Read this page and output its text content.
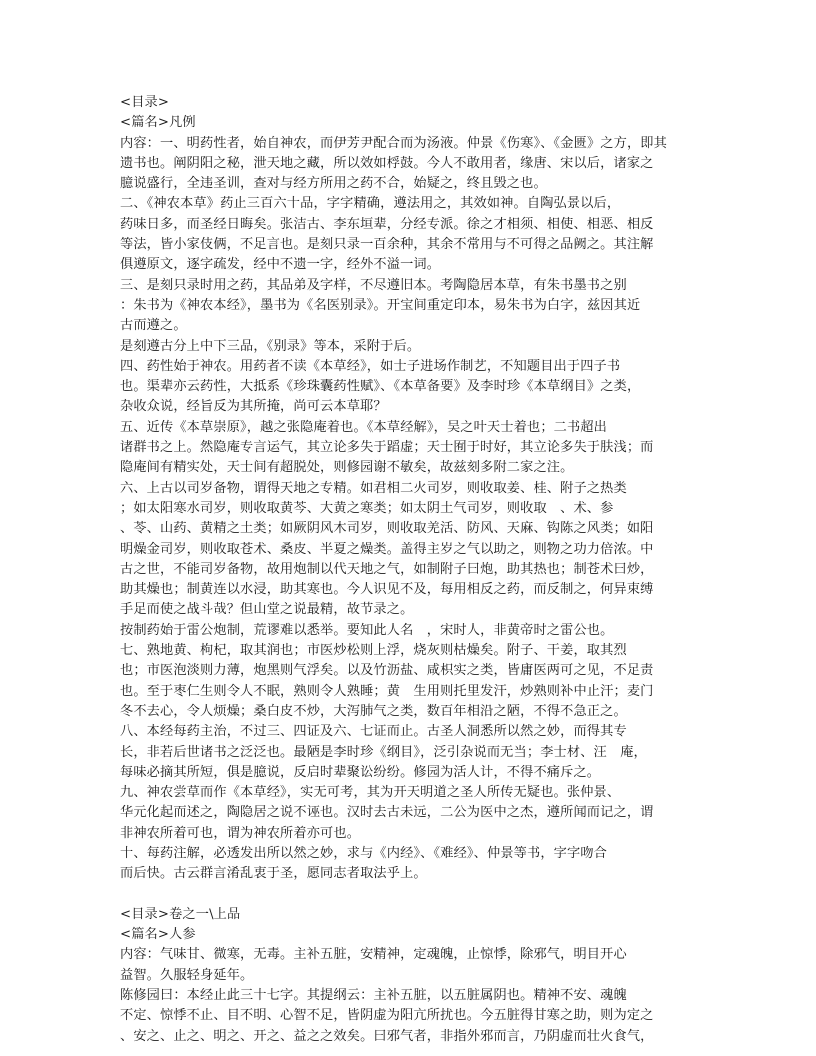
<目录>
<篇名>凡例
内容：一、明药性者，始自神农，而伊芳尹配合而为汤液。仲景《伤寒》、《金匮》之方，即其
遗书也。阐阴阳之秘，泄天地之藏，所以效如桴鼓。今人不敢用者，缘唐、宋以后，诸家之
臆说盛行，全违圣训，查对与经方所用之药不合，始疑之，终且毁之也。
二、《神农本草》药止三百六十品，字字精确，遵法用之，其效如神。自陶弘景以后，
药味日多，而圣经日晦矣。张洁古、李东垣辈，分经专派。徐之才相须、相使、相恶、相反
等法，皆小家伎俩，不足言也。是刻只录一百余种，其余不常用与不可得之品阙之。其注解
俱遵原文，逐字疏发，经中不遗一字，经外不溢一词。
三、是刻只录时用之药，其品弟及字样，不尽遵旧本。考陶隐居本草，有朱书墨书之别
：朱书为《神农本经》，墨书为《名医别录》。开宝间重定印本，易朱书为白字，兹因其近
古而遵之。
是刻遵古分上中下三品，《别录》等本，采附于后。
四、药性始于神农。用药者不读《本草经》，如士子进场作制艺，不知题目出于四子书
也。渠辈亦云药性，大抵系《珍珠囊药性赋》、《本草备要》及李时珍《本草纲目》之类，
杂收众说，经旨反为其所掩，尚可云本草耶？
五、近传《本草崇原》，越之张隐庵着也。《本草经解》，吴之叶天士着也；二书超出
诸群书之上。然隐庵专言运气，其立论多失于蹈虚；天士囿于时好，其立论多失于肤浅；而
隐庵间有精实处，天士间有超脱处，则修园谢不敏矣，故兹刻多附二家之注。
六、上古以司岁备物，谓得天地之专精。如君相二火司岁，则收取姜、桂、附子之热类
；如太阳寒水司岁，则收取黄芩、大黄之寒类；如太阴土气司岁，则收取　、术、参
、苓、山药、黄精之土类；如厥阴风木司岁，则收取羌活、防风、天麻、钩陈之风类；如阳
明燥金司岁，则收取苍术、桑皮、半夏之燥类。盖得主岁之气以助之，则物之功力倍浓。中
古之世，不能司岁备物，故用炮制以代天地之气，如制附子曰炮，助其热也；制苍术曰炒，
助其燥也；制黄连以水浸，助其寒也。今人识见不及，每用相反之药，而反制之，何异束缚
手足而使之战斗哉？但山堂之说最精，故节录之。
按制药始于雷公炮制，荒谬难以悉举。要知此人名　，宋时人，非黄帝时之雷公也。
七、熟地黄、枸杞，取其润也；市医炒松则上浮，烧灰则枯燥矣。附子、干姜，取其烈
也；市医泡淡则力薄，炮黑则气浮矣。以及竹沥盐、咸枳实之类，皆庸医两可之见，不足责
也。至于枣仁生则令人不眠，熟则令人熟睡；黄　生用则托里发汗，炒熟则补中止汗；麦门
冬不去心，令人烦燥；桑白皮不炒，大泻肺气之类，数百年相沿之陋，不得不急正之。
八、本经每药主治，不过三、四证及六、七证而止。古圣人洞悉所以然之妙，而得其专
长，非若后世诸书之泛泛也。最陋是李时珍《纲目》，泛引杂说而无当；李士材、汪　庵，
每味必摘其所短，俱是臆说，反启时辈聚讼纷纷。修园为活人计，不得不痛斥之。
九、神农尝草而作《本草经》，实无可考，其为开天明道之圣人所传无疑也。张仲景、
华元化起而述之，陶隐居之说不诬也。汉时去古未远，二公为医中之杰，遵所闻而记之，谓
非神农所着可也，谓为神农所着亦可也。
十、每药注解，必透发出所以然之妙，求与《内经》、《难经》、仲景等书，字字吻合
而后快。古云群言淆乱衷于圣，愿同志者取法乎上。
<目录>卷之一\上品
<篇名>人参
内容：气味甘、微寒，无毒。主补五脏，安精神，定魂魄，止惊悸，除邪气，明目开心
益智。久服轻身延年。
陈修园曰：本经止此三十七字。其提纲云：主补五脏，以五脏属阴也。精神不安、魂魄
不定、惊悸不止、目不明、心智不足，皆阴虚为阳亢所扰也。今五脏得甘寒之助，则为定之
、安之、止之、明之、开之、益之之效矣。曰邪气者，非指外邪而言，乃阴虚而壮火食气，
